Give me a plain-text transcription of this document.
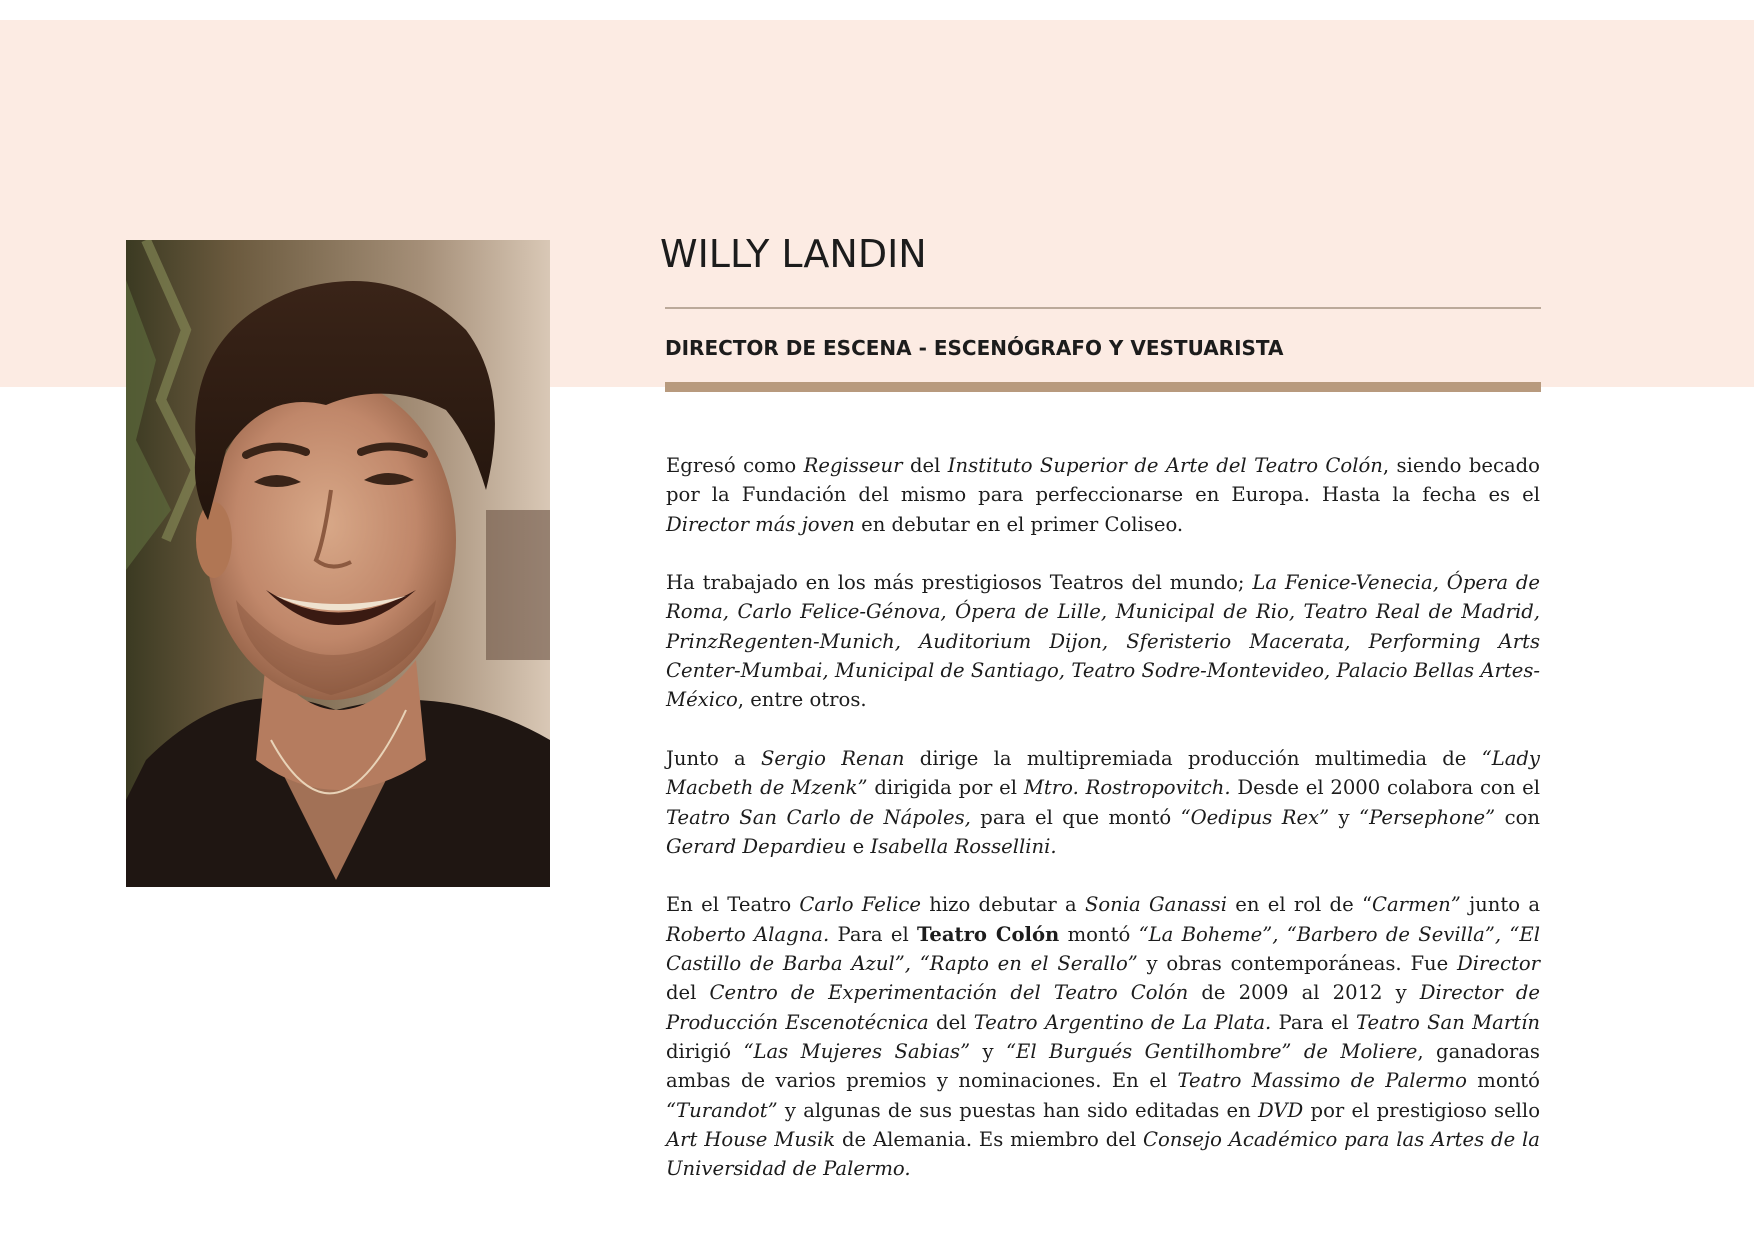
WILLY LANDIN
DIRECTOR DE ESCENA - ESCENÓGRAFO Y VESTUARISTA

Egresó como Regisseur del Instituto Superior de Arte del Teatro Colón, siendo becado por la Fundación del mismo para perfeccionarse en Europa. Hasta la fecha es el Director más joven en debutar en el primer Coliseo.

Ha trabajado en los más prestigiosos Teatros del mundo; La Fenice-Venecia, Ópera de Roma, Carlo Felice-Génova, Ópera de Lille, Municipal de Rio, Teatro Real de Madrid, PrinzRegenten-Munich, Auditorium Dijon, Sferisterio Macerata, Performing Arts Center-Mumbai, Municipal de Santiago, Teatro Sodre-Montevideo, Palacio Bellas Artes-México, entre otros.

Junto a Sergio Renan dirige la multipremiada producción multimedia de “Lady Macbeth de Mzenk” dirigida por el Mtro. Rostropovitch. Desde el 2000 colabora con el Teatro San Carlo de Nápoles, para el que montó “Oedipus Rex” y “Persephone” con Gerard Depardieu e Isabella Rossellini.

En el Teatro Carlo Felice hizo debutar a Sonia Ganassi en el rol de “Carmen” junto a Roberto Alagna. Para el Teatro Colón montó “La Boheme”, “Barbero de Sevilla”, “El Castillo de Barba Azul”, “Rapto en el Serallo” y obras contemporáneas. Fue Director del Centro de Experimentación del Teatro Colón de 2009 al 2012 y Director de Producción Escenotécnica del Teatro Argentino de La Plata. Para el Teatro San Martín dirigió “Las Mujeres Sabias” y “El Burgués Gentilhombre” de Moliere, ganadoras ambas de varios premios y nominaciones. En el Teatro Massimo de Palermo montó “Turandot” y algunas de sus puestas han sido editadas en DVD por el prestigioso sello Art House Musik de Alemania. Es miembro del Consejo Académico para las Artes de la Universidad de Palermo.
